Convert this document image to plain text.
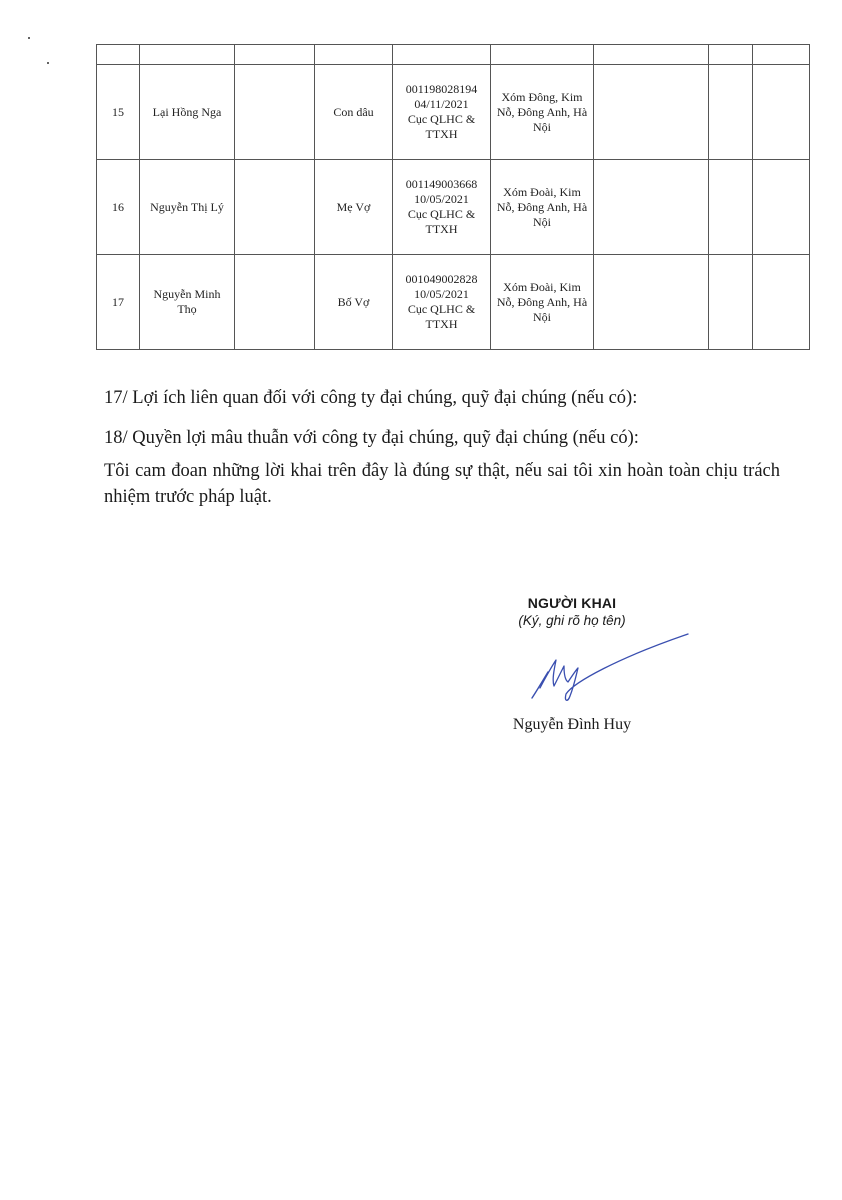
15	Lại Hồng Nga		Con dâu	001198028194
04/11/2021
Cục QLHC & TTXH	Xóm Đông, Kim Nỗ, Đông Anh, Hà Nội			
16	Nguyễn Thị Lý		Mẹ Vợ	001149003668
10/05/2021
Cục QLHC & TTXH	Xóm Đoài, Kim Nỗ, Đông Anh, Hà Nội			
17	Nguyễn Minh Thọ		Bố Vợ	001049002828
10/05/2021
Cục QLHC & TTXH	Xóm Đoài, Kim Nỗ, Đông Anh, Hà Nội			
17/ Lợi ích liên quan đối với công ty đại chúng, quỹ đại chúng (nếu có):
18/ Quyền lợi mâu thuẫn với công ty đại chúng, quỹ đại chúng (nếu có):
Tôi cam đoan những lời khai trên đây là đúng sự thật, nếu sai tôi xin hoàn toàn chịu trách nhiệm trước pháp luật.
NGƯỜI KHAI
(Ký, ghi rõ họ tên)
Nguyễn Đình Huy
